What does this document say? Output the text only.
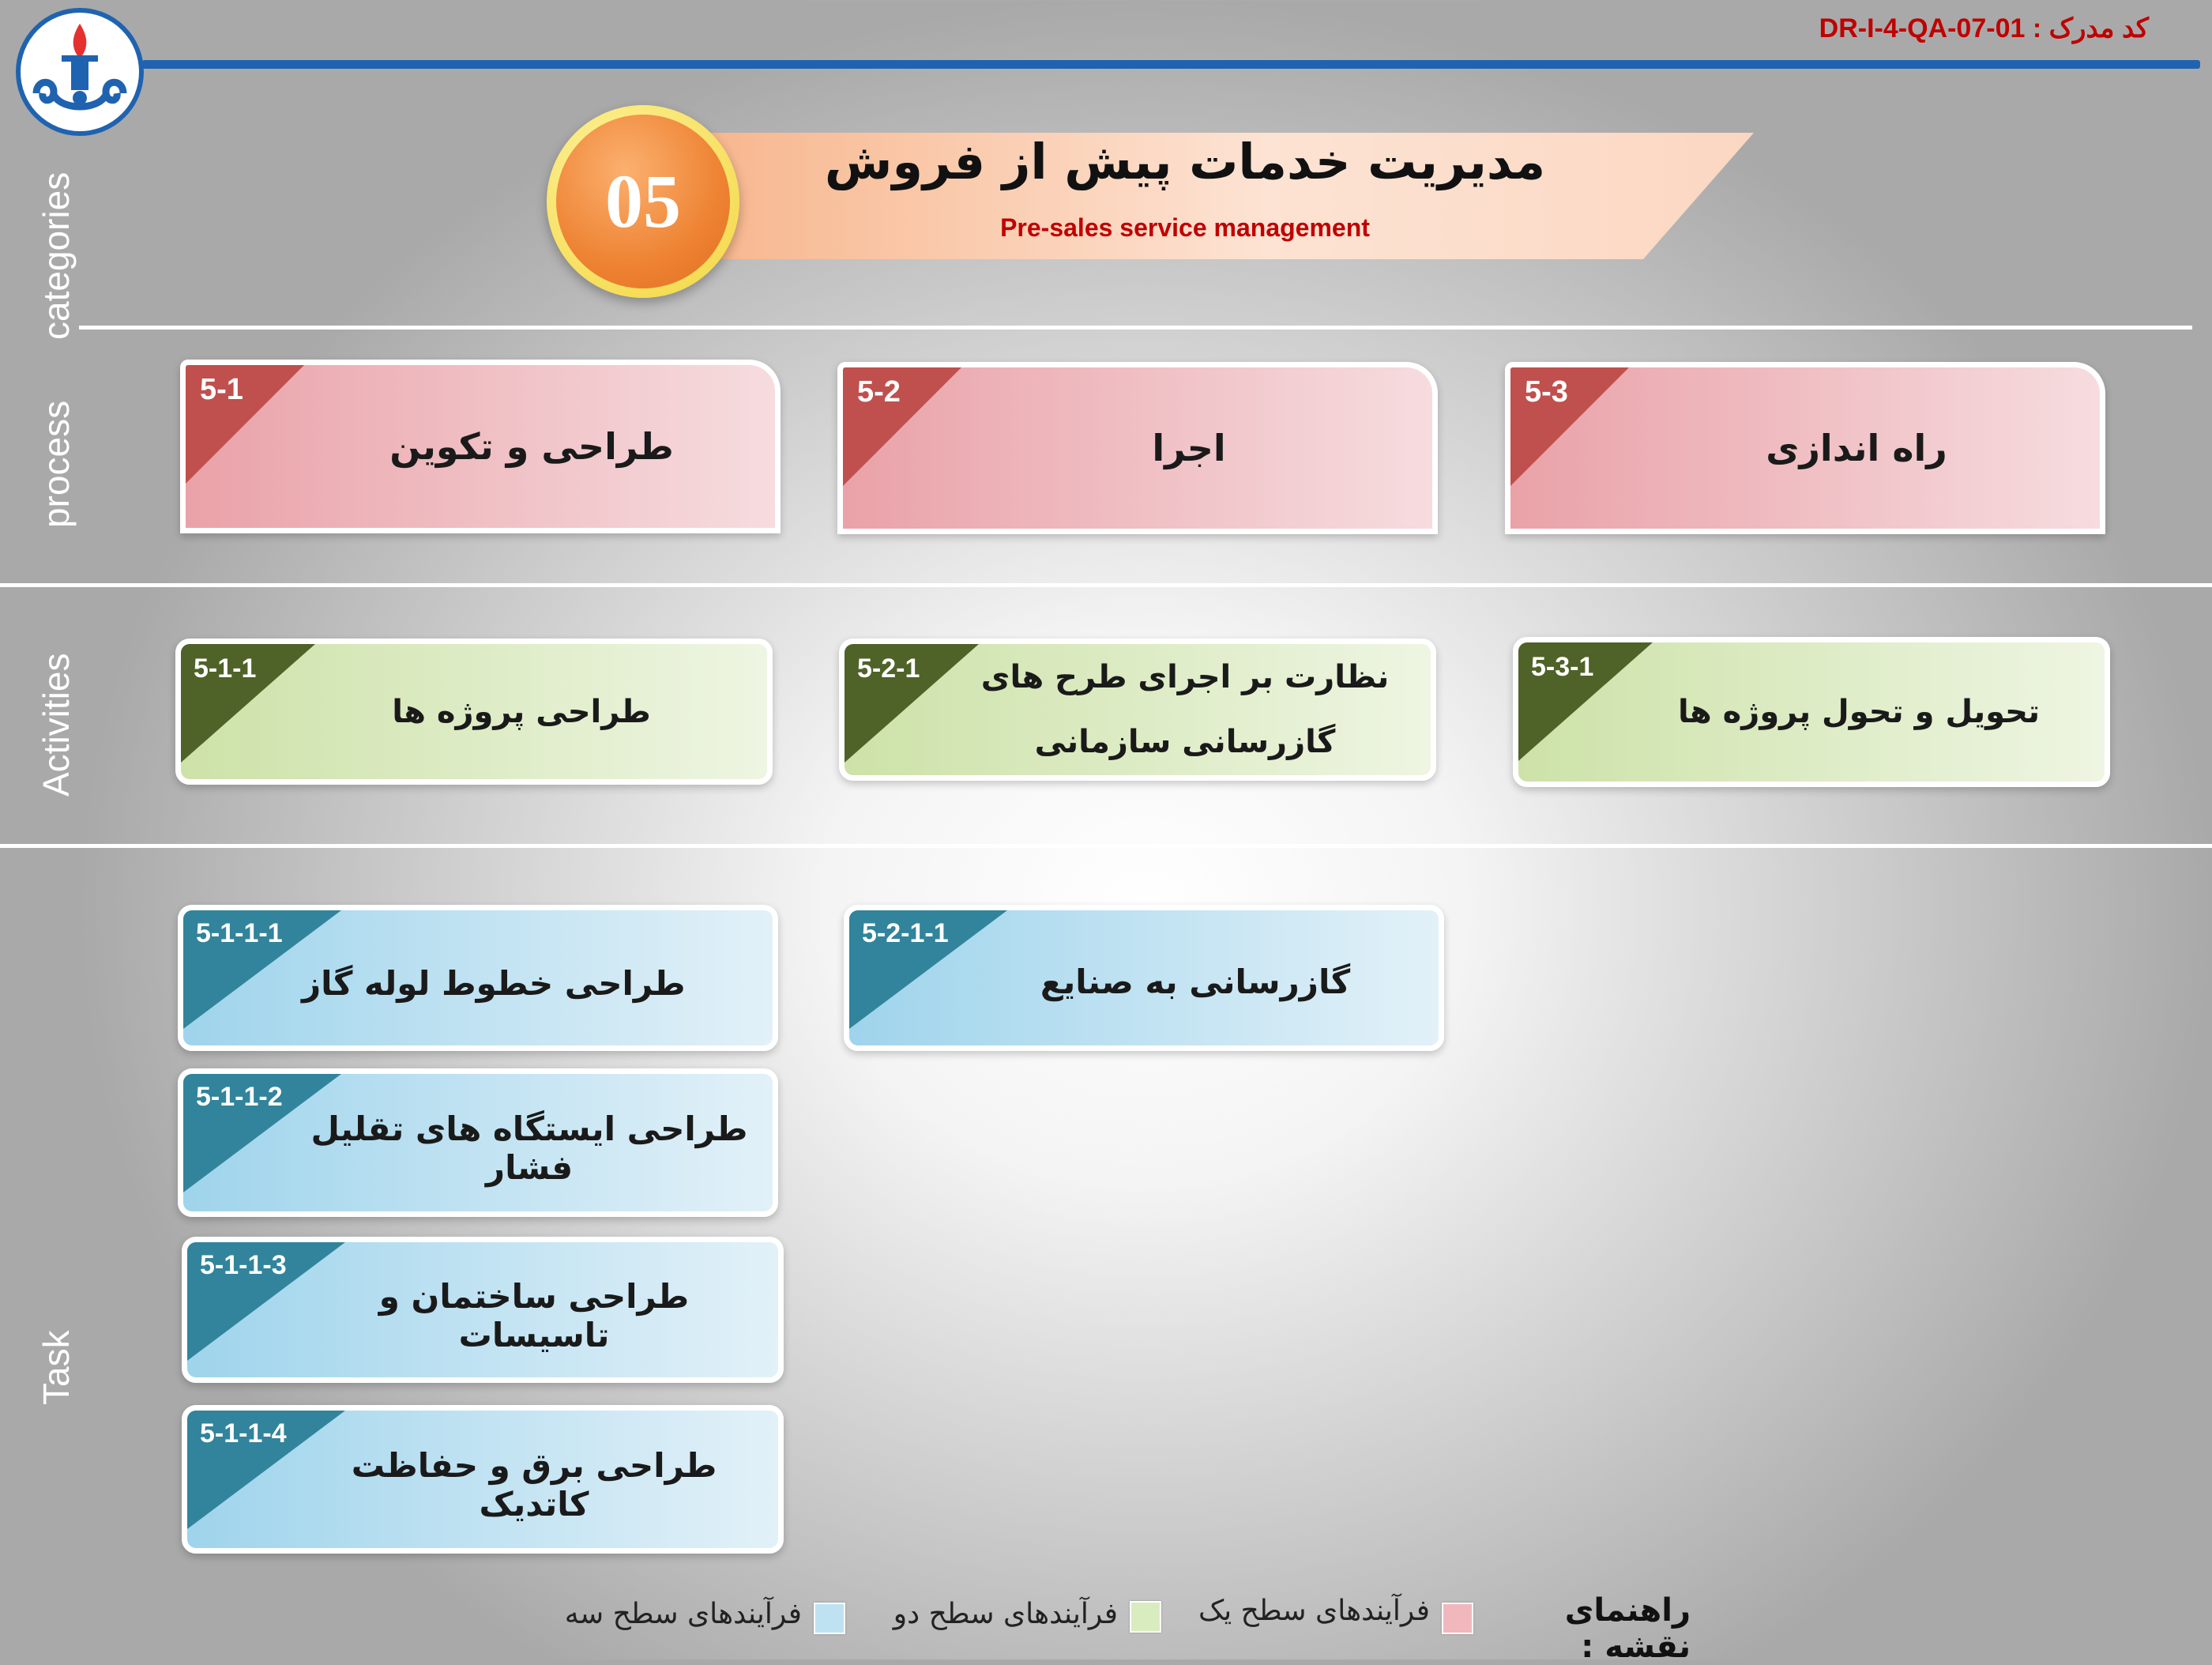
DR-I-4-QA-07-01 : کد مدرک
05	مدیریت خدمات پیش از فروش
Pre-sales service management
categories
process
Activities
Task
5-1
طراحی و تکوین
5-2
اجرا
5-3
راه اندازی
5-1-1
طراحی پروژه ها
5-2-1 نظارت بر اجرای طرح های
گازرسانی سازمانی
5-3-1
تحویل و تحول پروژه ها
5-1-1-1
طراحی خطوط لوله گاز
5-1-1-2
طراحی ایستگاه های تقلیل فشار
5-1-1-3
طراحی ساختمان و تاسیسات
5-1-1-4
طراحی برق و حفاظت کاتدیک
5-2-1-1
گازرسانی به صنایع
راهنمای نقشه :
فرآیندهای سطح یک
فرآیندهای سطح دو
فرآیندهای سطح سه
